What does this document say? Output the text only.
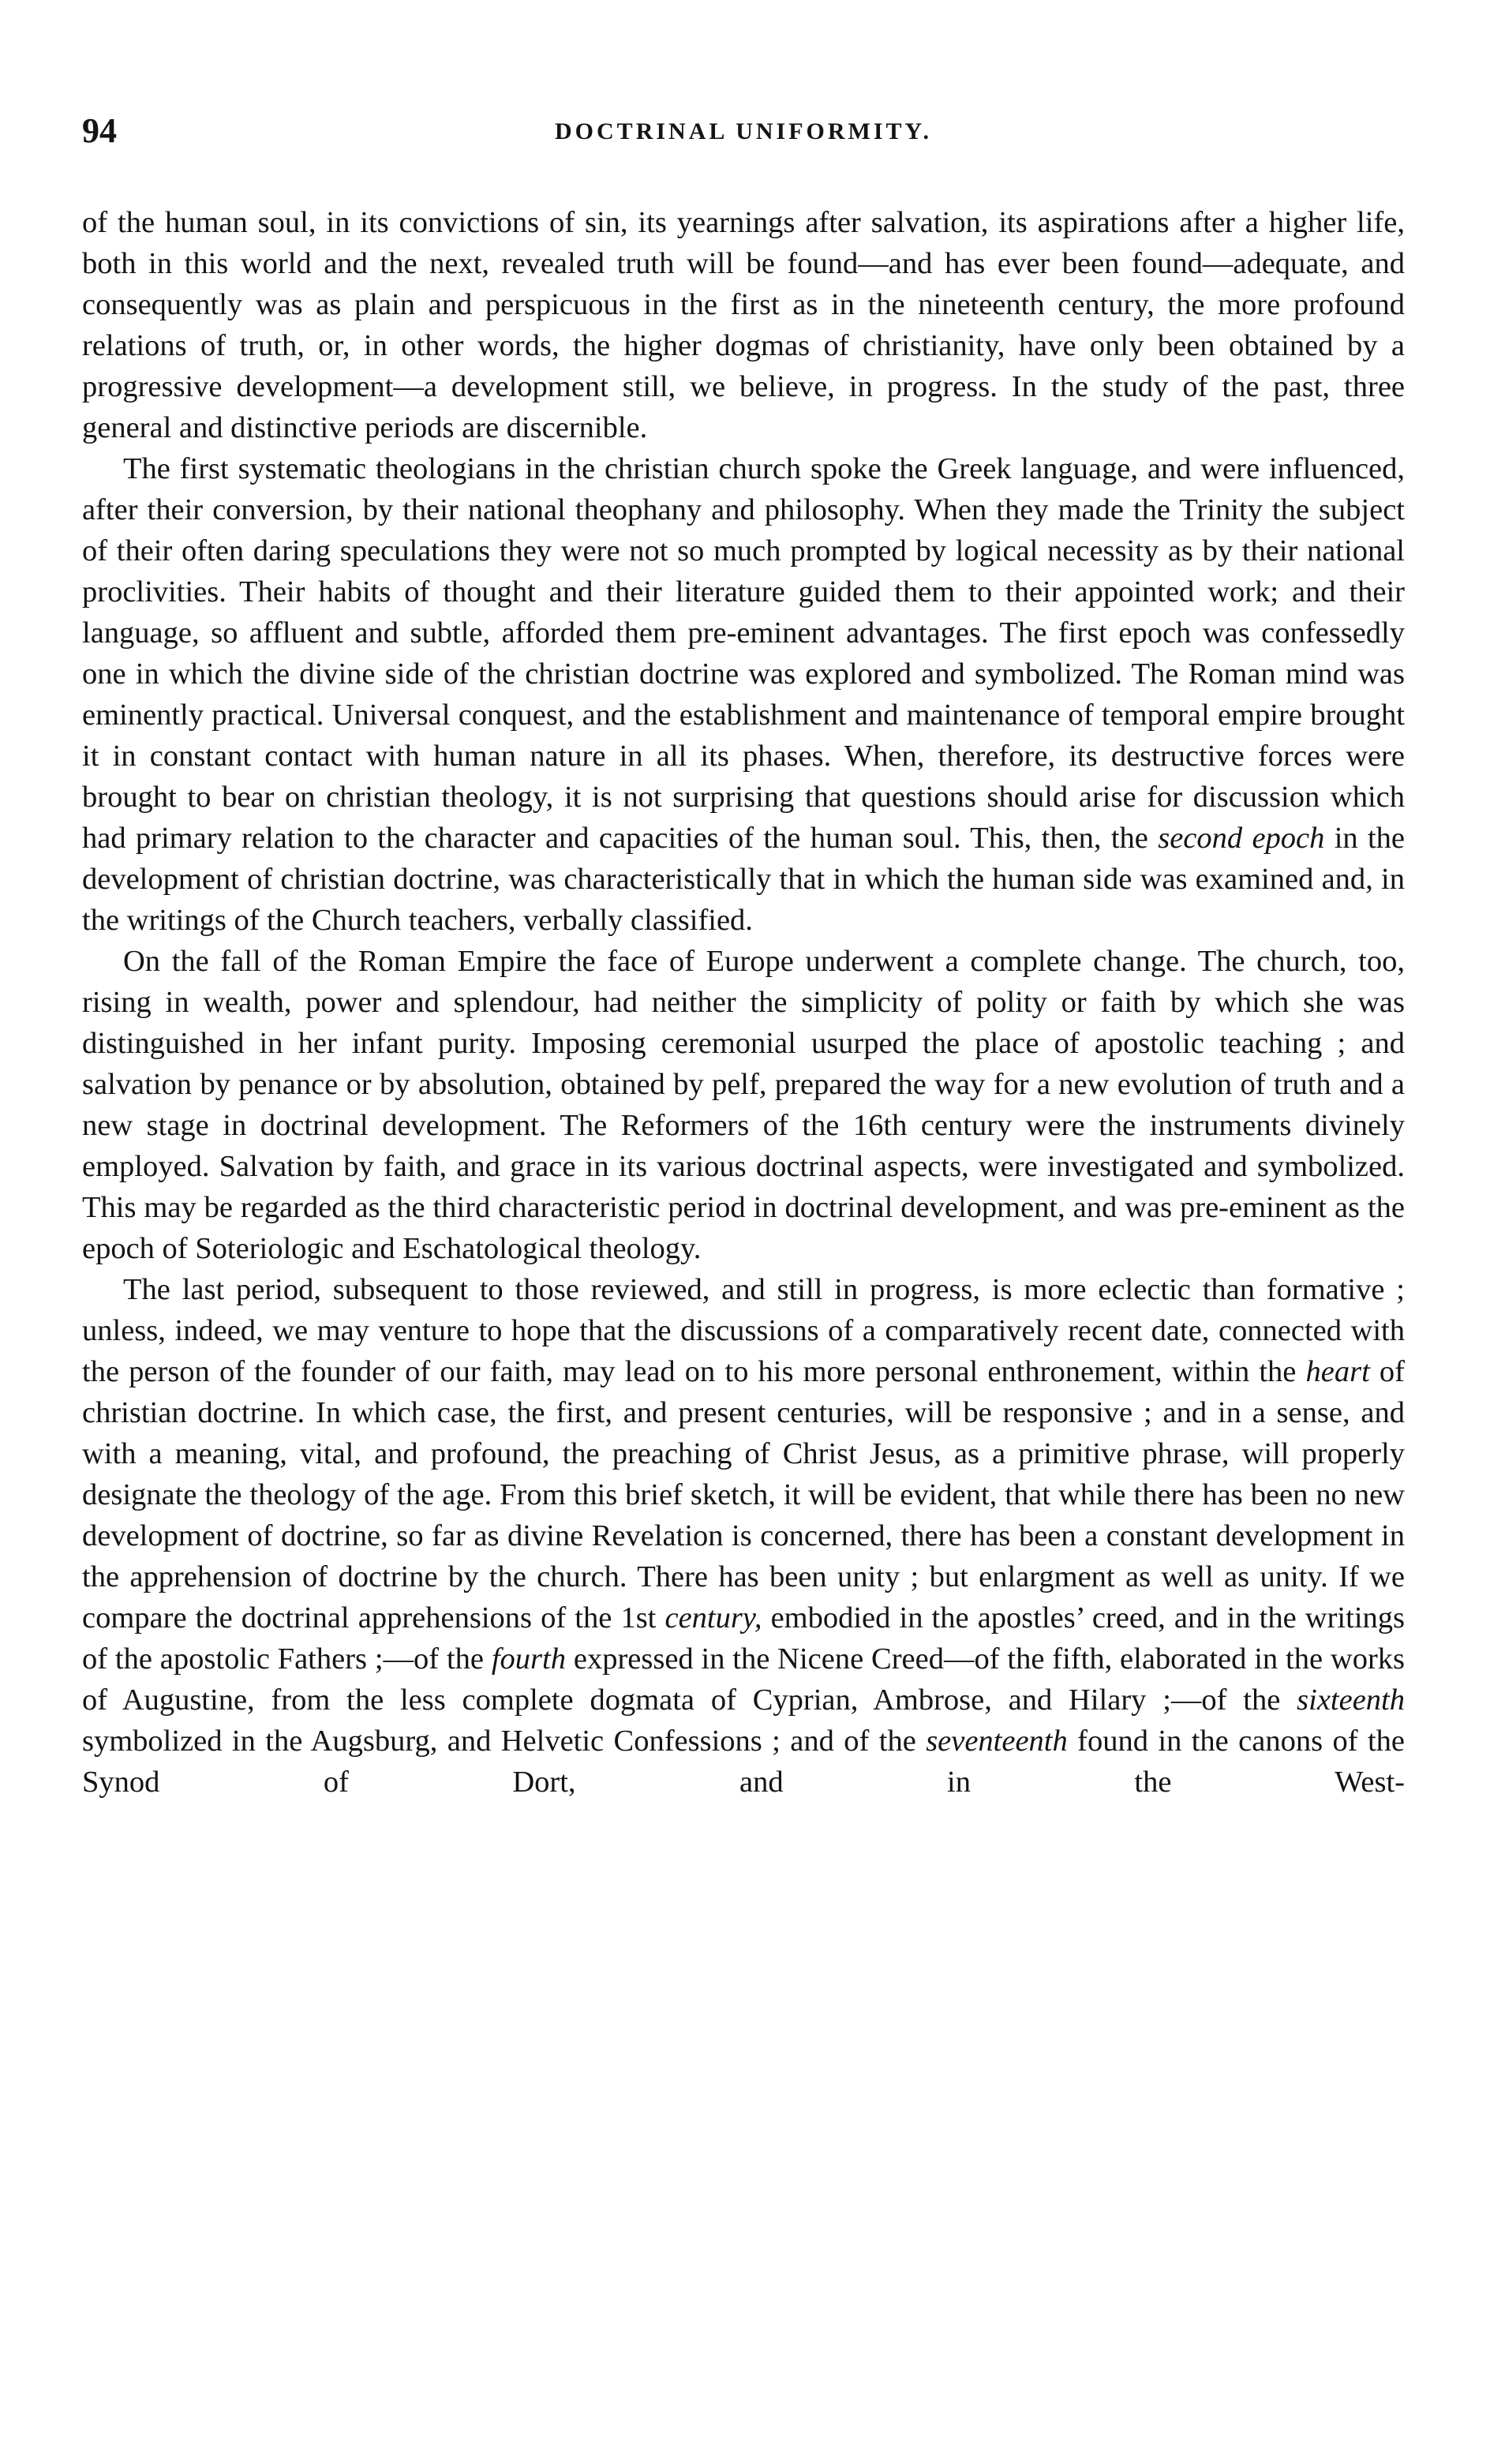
94	DOCTRINAL UNIFORMITY.

of the human soul, in its convictions of sin, its yearnings after salvation, its aspirations after a higher life, both in this world and the next, revealed truth will be found—and has ever been found—adequate, and consequently was as plain and perspicuous in the first as in the nineteenth century, the more profound relations of truth, or, in other words, the higher dogmas of christianity, have only been obtained by a progressive development—a development still, we believe, in progress. In the study of the past, three general and distinctive periods are discernible.

The first systematic theologians in the christian church spoke the Greek language, and were influenced, after their conversion, by their national theophany and philosophy. When they made the Trinity the subject of their often daring speculations they were not so much prompted by logical necessity as by their national proclivities. Their habits of thought and their literature guided them to their appointed work; and their language, so affluent and subtle, afforded them pre-eminent advantages. The first epoch was confessedly one in which the divine side of the christian doctrine was explored and symbolized. The Roman mind was eminently practical. Universal conquest, and the establishment and maintenance of temporal empire brought it in constant contact with human nature in all its phases. When, therefore, its destructive forces were brought to bear on christian theology, it is not surprising that questions should arise for discussion which had primary relation to the character and capacities of the human soul. This, then, the second epoch in the development of christian doctrine, was characteristically that in which the human side was examined and, in the writings of the Church teachers, verbally classified.

On the fall of the Roman Empire the face of Europe underwent a complete change. The church, too, rising in wealth, power and splendour, had neither the simplicity of polity or faith by which she was distinguished in her infant purity. Imposing ceremonial usurped the place of apostolic teaching ; and salvation by penance or by absolution, obtained by pelf, prepared the way for a new evolution of truth and a new stage in doctrinal development. The Reformers of the 16th century were the instruments divinely employed. Salvation by faith, and grace in its various doctrinal aspects, were investigated and symbolized. This may be regarded as the third characteristic period in doctrinal development, and was pre-eminent as the epoch of Soteriologic and Eschatological theology.

The last period, subsequent to those reviewed, and still in progress, is more eclectic than formative ; unless, indeed, we may venture to hope that the discussions of a comparatively recent date, connected with the person of the founder of our faith, may lead on to his more personal enthronement, within the heart of christian doctrine. In which case, the first, and present centuries, will be responsive ; and in a sense, and with a meaning, vital, and profound, the preaching of Christ Jesus, as a primitive phrase, will properly designate the theology of the age. From this brief sketch, it will be evident, that while there has been no new development of doctrine, so far as divine Revelation is concerned, there has been a constant development in the apprehension of doctrine by the church. There has been unity ; but enlargment as well as unity. If we compare the doctrinal apprehensions of the 1st century, embodied in the apostles’ creed, and in the writings of the apostolic Fathers ;—of the fourth expressed in the Nicene Creed—of the fifth, elaborated in the works of Augustine, from the less complete dogmata of Cyprian, Ambrose, and Hilary ;—of the sixteenth symbolized in the Augsburg, and Helvetic Confessions ; and of the seventeenth found in the canons of the Synod of Dort, and in the West-
